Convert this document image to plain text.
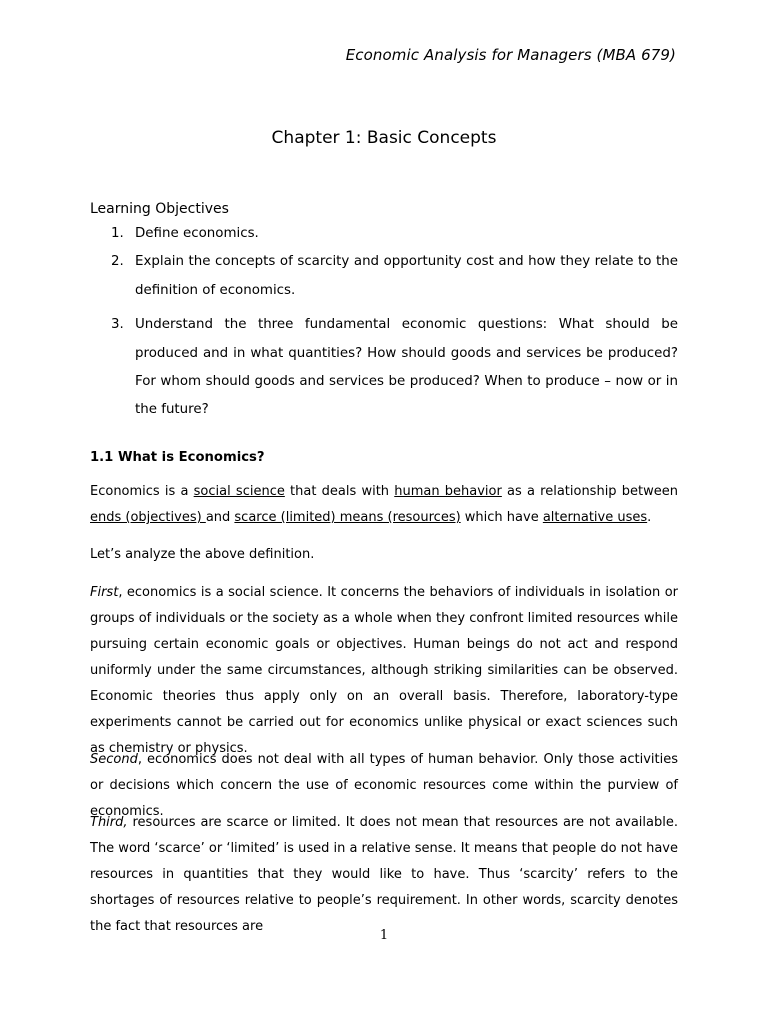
Economic Analysis for Managers (MBA 679)
Chapter 1: Basic Concepts
Learning Objectives
1. Define economics.
2. Explain the concepts of scarcity and opportunity cost and how they relate to the definition of economics.
3. Understand the three fundamental economic questions: What should be produced and in what quantities? How should goods and services be produced? For whom should goods and services be produced? When to produce – now or in the future?
1.1 What is Economics?

Economics is a social science that deals with human behavior as a relationship between ends (objectives) and scarce (limited) means (resources) which have alternative uses.

Let’s analyze the above definition.

First, economics is a social science. It concerns the behaviors of individuals in isolation or groups of individuals or the society as a whole when they confront limited resources while pursuing certain economic goals or objectives. Human beings do not act and respond uniformly under the same circumstances, although striking similarities can be observed. Economic theories thus apply only on an overall basis. Therefore, laboratory-type experiments cannot be carried out for economics unlike physical or exact sciences such as chemistry or physics.

Second, economics does not deal with all types of human behavior. Only those activities or decisions which concern the use of economic resources come within the purview of economics.

Third, resources are scarce or limited. It does not mean that resources are not available. The word ‘scarce’ or ‘limited’ is used in a relative sense. It means that people do not have resources in quantities that they would like to have. Thus ‘scarcity’ refers to the shortages of resources relative to people’s requirement. In other words, scarcity denotes the fact that resources are

1
